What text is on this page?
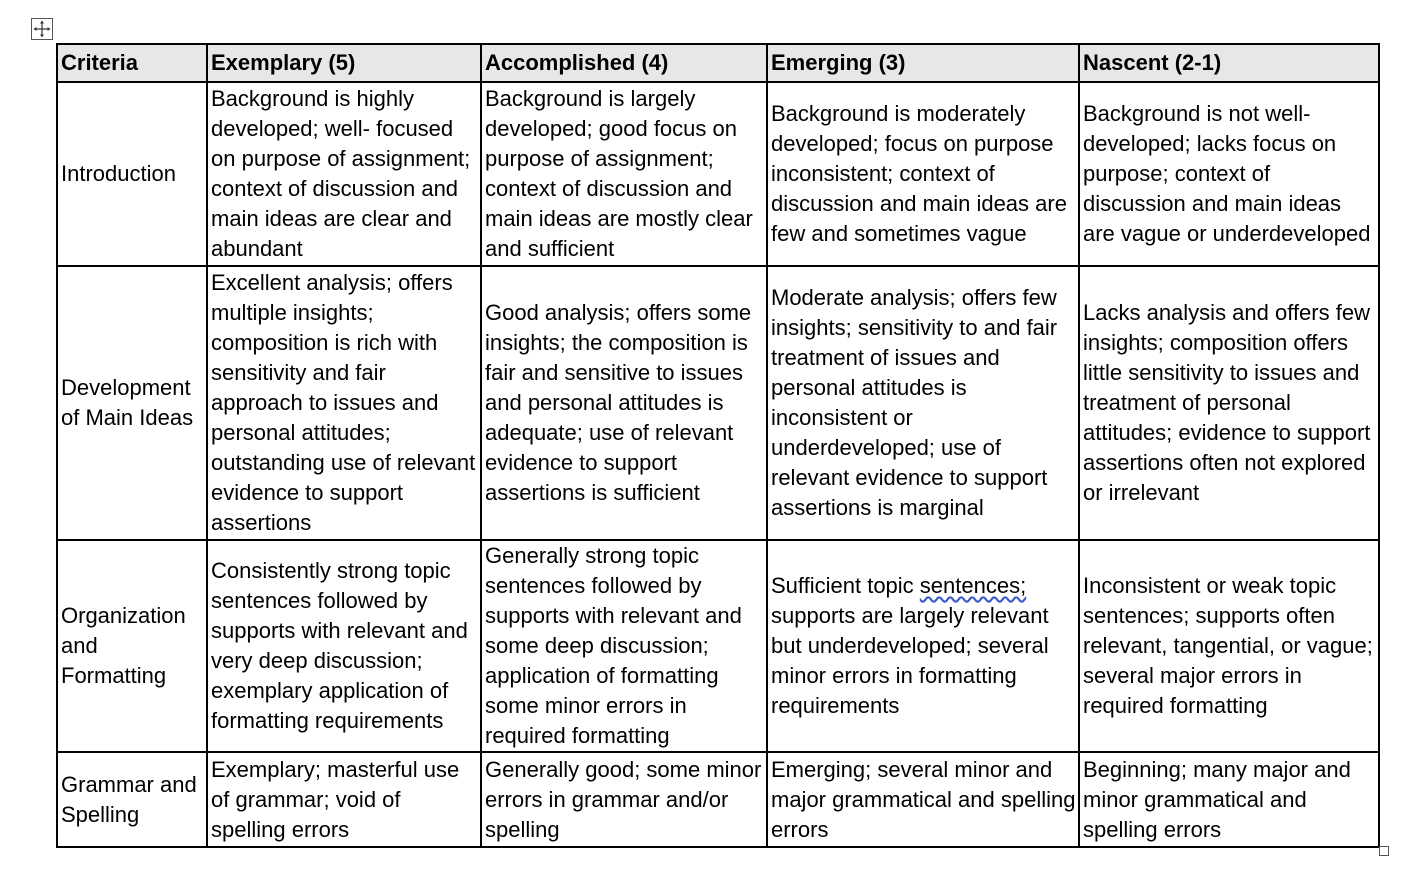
Criteria	Exemplary (5)	Accomplished (4)	Emerging (3)	Nascent (2-1)
Introduction	Background is highly developed; well- focused on purpose of assignment; context of discussion and main ideas are clear and abundant	Background is largely developed; good focus on purpose of assignment; context of discussion and main ideas are mostly clear and sufficient	Background is moderately developed; focus on purpose inconsistent; context of discussion and main ideas are few and sometimes vague	Background is not well-developed; lacks focus on purpose; context of discussion and main ideas are vague or underdeveloped
Development of Main Ideas	Excellent analysis; offers multiple insights; composition is rich with sensitivity and fair approach to issues and personal attitudes; outstanding use of relevant evidence to support assertions	Good analysis; offers some insights; the composition is fair and sensitive to issues and personal attitudes is adequate; use of relevant evidence to support assertions is sufficient	Moderate analysis; offers few insights; sensitivity to and fair treatment of issues and personal attitudes is inconsistent or underdeveloped; use of relevant evidence to support assertions is marginal	Lacks analysis and offers few insights; composition offers little sensitivity to issues and treatment of personal attitudes; evidence to support assertions often not explored or irrelevant
Organization and Formatting	Consistently strong topic sentences followed by supports with relevant and very deep discussion; exemplary application of formatting requirements	Generally strong topic sentences followed by supports with relevant and some deep discussion; application of formatting some minor errors in required formatting	Sufficient topic sentences; supports are largely relevant but underdeveloped; several minor errors in formatting requirements	Inconsistent or weak topic sentences; supports often relevant, tangential, or vague; several major errors in required formatting
Grammar and Spelling	Exemplary; masterful use of grammar; void of spelling errors	Generally good; some minor errors in grammar and/or spelling	Emerging; several minor and major grammatical and spelling errors	Beginning; many major and minor grammatical and spelling errors
